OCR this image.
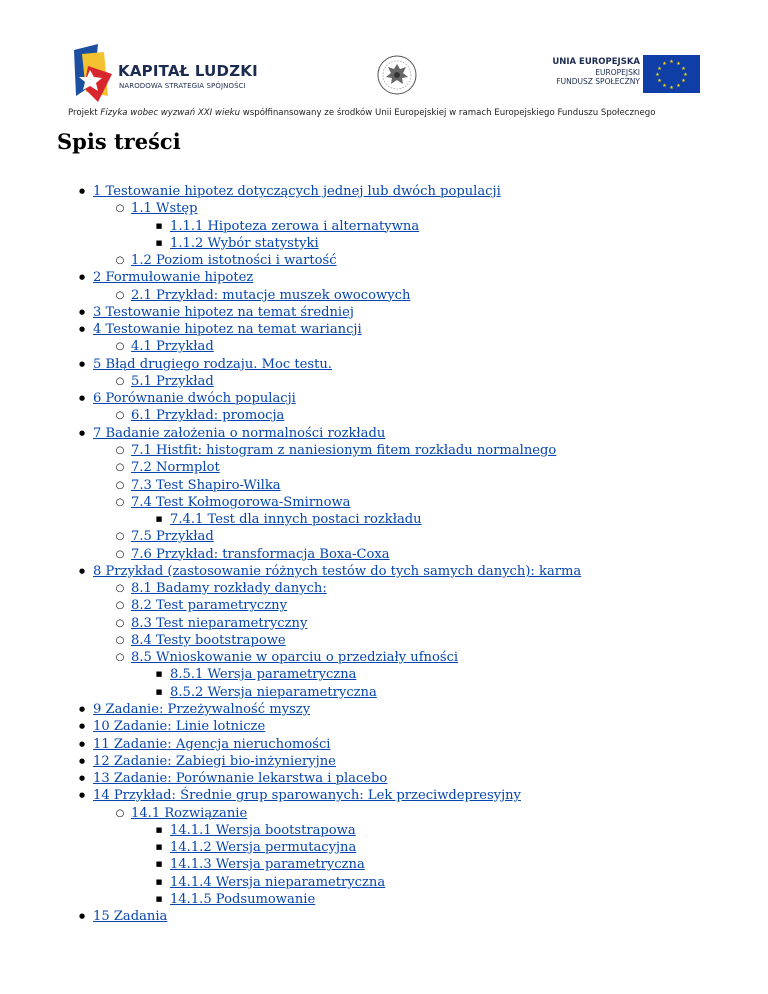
KAPITAŁ LUDZKI
NARODOWA STRATEGIA SPÓJNOŚCI
UNIA EUROPEJSKA
EUROPEJSKI
FUNDUSZ SPOŁECZNY
★ ★
★
★
★
★
★
★
★
★
★
★
Projekt Fizyka wobec wyzwań XXI wieku współfinansowany ze środków Unii Europejskiej w ramach Europejskiego Funduszu Społecznego
Spis treści
● 1 Testowanie hipotez dotyczących jednej lub dwóch populacji
○ 1.1 Wstęp
■ 1.1.1 Hipoteza zerowa i alternatywna
■ 1.1.2 Wybór statystyki
○ 1.2 Poziom istotności i wartość
● 2 Formułowanie hipotez
○ 2.1 Przykład: mutacje muszek owocowych
● 3 Testowanie hipotez na temat średniej
● 4 Testowanie hipotez na temat wariancji
○ 4.1 Przykład
● 5 Błąd drugiego rodzaju. Moc testu.
○ 5.1 Przykład
● 6 Porównanie dwóch populacji
○ 6.1 Przykład: promocja
● 7 Badanie założenia o normalności rozkładu
○ 7.1 Histfit: histogram z naniesionym fitem rozkładu normalnego
○ 7.2 Normplot
○ 7.3 Test Shapiro-Wilka
○ 7.4 Test Kołmogorowa-Smirnowa
■ 7.4.1 Test dla innych postaci rozkładu
○ 7.5 Przykład
○ 7.6 Przykład: transformacja Boxa-Coxa
● 8 Przykład (zastosowanie różnych testów do tych samych danych): karma
○ 8.1 Badamy rozkłady danych:
○ 8.2 Test parametryczny
○ 8.3 Test nieparametryczny
○ 8.4 Testy bootstrapowe
○ 8.5 Wnioskowanie w oparciu o przedziały ufności
■ 8.5.1 Wersja parametryczna
■ 8.5.2 Wersja nieparametryczna
● 9 Zadanie: Przeżywalność myszy
● 10 Zadanie: Linie lotnicze
● 11 Zadanie: Agencja nieruchomości
● 12 Zadanie: Zabiegi bio-inżynieryjne
● 13 Zadanie: Porównanie lekarstwa i placebo
● 14 Przykład: Średnie grup sparowanych: Lek przeciwdepresyjny
○ 14.1 Rozwiązanie
■ 14.1.1 Wersja bootstrapowa
■ 14.1.2 Wersja permutacyjna
■ 14.1.3 Wersja parametryczna
■ 14.1.4 Wersja nieparametryczna
■ 14.1.5 Podsumowanie
● 15 Zadania
